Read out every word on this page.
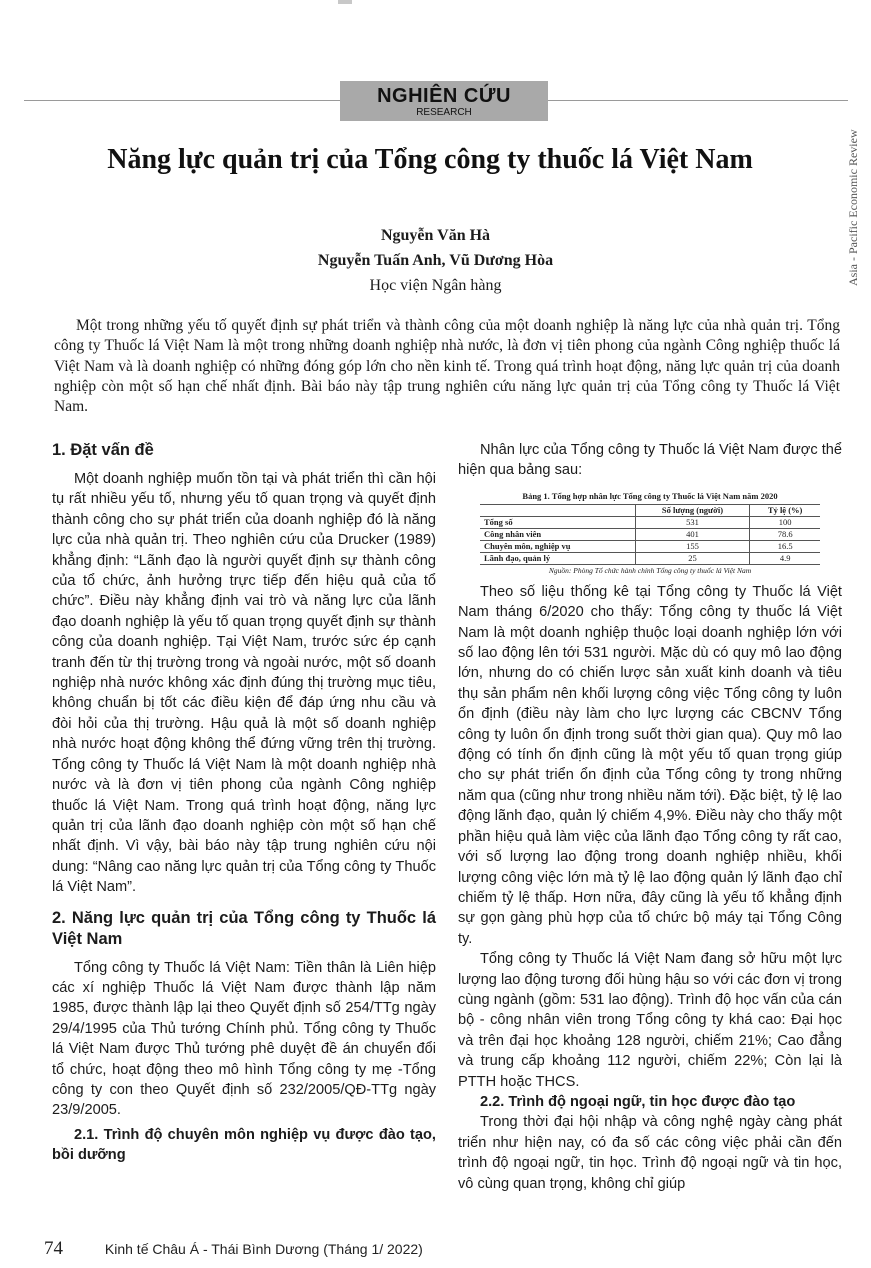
NGHIÊN CỨU
RESEARCH
Asia - Pacific Economic Review
Năng lực quản trị của Tổng công ty thuốc lá Việt Nam
Nguyễn Văn Hà
Nguyễn Tuấn Anh, Vũ Dương Hòa
Học viện Ngân hàng
Một trong những yếu tố quyết định sự phát triển và thành công của một doanh nghiệp là năng lực của nhà quản trị. Tổng công ty Thuốc lá Việt Nam là một trong những doanh nghiệp nhà nước, là đơn vị tiên phong của ngành Công nghiệp thuốc lá Việt Nam và là doanh nghiệp có những đóng góp lớn cho nền kinh tế. Trong quá trình hoạt động, năng lực quản trị của doanh nghiệp còn một số hạn chế nhất định. Bài báo này tập trung nghiên cứu năng lực quản trị của Tổng công ty Thuốc lá Việt Nam.
1. Đặt vấn đề

Một doanh nghiệp muốn tồn tại và phát triển thì cần hội tụ rất nhiều yếu tố, nhưng yếu tố quan trọng và quyết định thành công cho sự phát triển của doanh nghiệp đó là năng lực của nhà quản trị. Theo nghiên cứu của Drucker (1989) khẳng định: “Lãnh đạo là người quyết định sự thành công của tổ chức, ảnh hưởng trực tiếp đến hiệu quả của tổ chức”. Điều này khẳng định vai trò và năng lực của lãnh đạo doanh nghiệp là yếu tố quan trọng quyết định sự thành công của doanh nghiệp. Tại Việt Nam, trước sức ép cạnh tranh đến từ thị trường trong và ngoài nước, một số doanh nghiệp nhà nước không xác định đúng thị trường mục tiêu, không chuẩn bị tốt các điều kiện để đáp ứng nhu cầu và đòi hỏi của thị trường. Hậu quả là một số doanh nghiệp nhà nước hoạt động không thể đứng vững trên thị trường. Tổng công ty Thuốc lá Việt Nam là một doanh nghiệp nhà nước và là đơn vị tiên phong của ngành Công nghiệp thuốc lá Việt Nam. Trong quá trình hoạt động, năng lực quản trị của lãnh đạo doanh nghiệp còn một số hạn chế nhất định. Vì vậy, bài báo này tập trung nghiên cứu nội dung: “Nâng cao năng lực quản trị của Tổng công ty Thuốc lá Việt Nam”.

2. Năng lực quản trị của Tổng công ty Thuốc lá Việt Nam

Tổng công ty Thuốc lá Việt Nam: Tiền thân là Liên hiệp các xí nghiệp Thuốc lá Việt Nam được thành lập năm 1985, được thành lập lại theo Quyết định số 254/TTg ngày 29/4/1995 của Thủ tướng Chính phủ. Tổng công ty Thuốc lá Việt Nam được Thủ tướng phê duyệt đề án chuyển đổi tổ chức, hoạt động theo mô hình Tổng công ty mẹ -Tổng công ty con theo Quyết định số 232/2005/QĐ-TTg ngày 23/9/2005.

2.1. Trình độ chuyên môn nghiệp vụ được đào tạo, bồi dưỡng

Nhân lực của Tổng công ty Thuốc lá Việt Nam được thể hiện qua bảng sau:

Bảng 1. Tổng hợp nhân lực Tổng công ty Thuốc lá Việt Nam năm 2020
	Số lượng (người)	Tỷ lệ (%)
Tổng số	531	100
Công nhân viên	401	78.6
Chuyên môn, nghiệp vụ	155	16.5
Lãnh đạo, quản lý	25	4.9
Nguồn: Phòng Tổ chức hành chính Tổng công ty thuốc lá Việt Nam

Theo số liệu thống kê tại Tổng công ty Thuốc lá Việt Nam tháng 6/2020 cho thấy: Tổng công ty thuốc lá Việt Nam là một doanh nghiệp thuộc loại doanh nghiệp lớn với số lao động lên tới 531 người. Mặc dù có quy mô lao động lớn, nhưng do có chiến lược sản xuất kinh doanh và tiêu thụ sản phẩm nên khối lượng công việc Tổng công ty luôn ổn định (điều này làm cho lực lượng các CBCNV Tổng công ty luôn ổn định trong suốt thời gian qua). Quy mô lao động có tính ổn định cũng là một yếu tố quan trọng giúp cho sự phát triển ổn định của Tổng công ty trong những năm qua (cũng như trong nhiều năm tới). Đặc biệt, tỷ lệ lao động lãnh đạo, quản lý chiếm 4,9%. Điều này cho thấy một phần hiệu quả làm việc của lãnh đạo Tổng công ty rất cao, với số lượng lao động trong doanh nghiệp nhiều, khối lượng công việc lớn mà tỷ lệ lao động quản lý lãnh đạo chỉ chiếm tỷ lệ thấp. Hơn nữa, đây cũng là yếu tố khẳng định sự gọn gàng phù hợp của tổ chức bộ máy tại Tổng Công ty.

Tổng công ty Thuốc lá Việt Nam đang sở hữu một lực lượng lao động tương đối hùng hậu so với các đơn vị trong cùng ngành (gồm: 531 lao động). Trình độ học vấn của cán bộ - công nhân viên trong Tổng công ty khá cao: Đại học và trên đại học khoảng 128 người, chiếm 21%; Cao đẳng và trung cấp khoảng 112 người, chiếm 22%; Còn lại là PTTH hoặc THCS.

2.2. Trình độ ngoại ngữ, tin học được đào tạo

Trong thời đại hội nhập và công nghệ ngày càng phát triển như hiện nay, có đa số các công việc phải cần đến trình độ ngoại ngữ, tin học. Trình độ ngoại ngữ và tin học, vô cùng quan trọng, không chỉ giúp

74	Kinh tế Châu Á - Thái Bình Dương (Tháng 1/ 2022)
